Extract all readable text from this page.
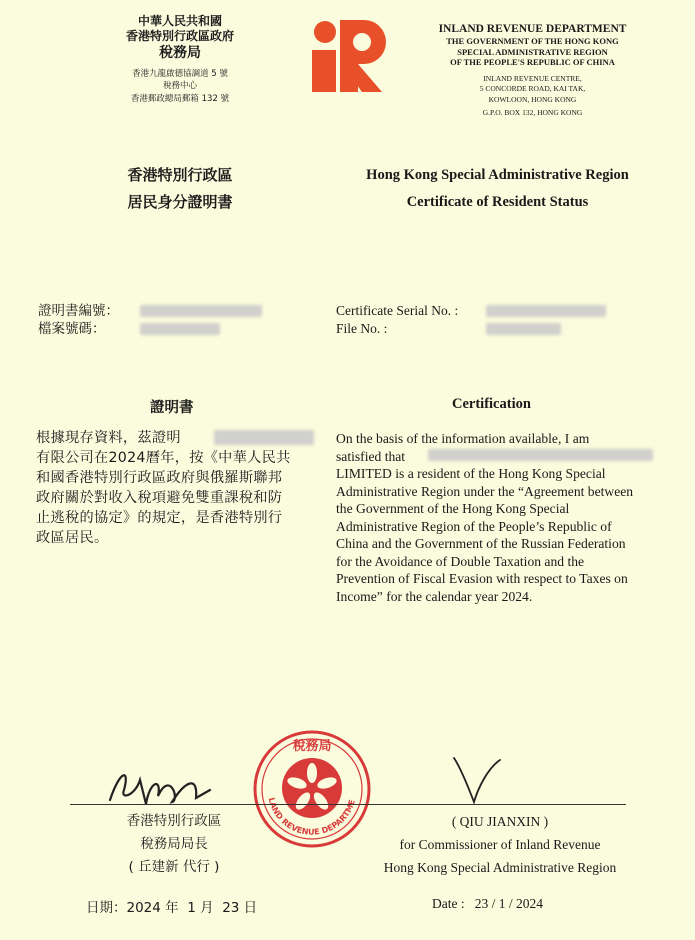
中華人民共和國
香港特別行政區政府
稅務局
香港九龍啟德協調道 5 號
稅務中心
香港郵政總局郵箱 132 號
INLAND REVENUE DEPARTMENT
THE GOVERNMENT OF THE HONG KONG
SPECIAL ADMINISTRATIVE REGION
OF THE PEOPLE'S REPUBLIC OF CHINA
INLAND REVENUE CENTRE,
5 CONCORDE ROAD, KAI TAK,
KOWLOON, HONG KONG
G.P.O. BOX 132, HONG KONG
香港特別行政區
居民身分證明書
Hong Kong Special Administrative Region
Certificate of Resident Status
證明書編號：
檔案號碼：
Certificate Serial No. :
File No. :
證明書	Certification
根據現存資料，茲證明
有限公司在2024曆年，按《中華人民共
和國香港特別行政區政府與俄羅斯聯邦
政府關於對收入稅項避免雙重課稅和防
止逃稅的協定》的規定，是香港特別行
政區居民。
On the basis of the information available, I am
satisfied that
LIMITED is a resident of the Hong Kong Special
Administrative Region under the “Agreement between
the Government of the Hong Kong Special
Administrative Region of the People’s Republic of
China and the Government of the Russian Federation
for the Avoidance of Double Taxation and the
Prevention of Fiscal Evasion with respect to Taxes on
Income” for the calendar year 2024.
稅務局
LAND REVENUE DEPARTME
香港特別行政區
稅務局局長
( 丘建新 代行 )
( QIU JIANXIN )
for Commissioner of Inland Revenue
Hong Kong Special Administrative Region
日期：2024 年  1 月  23 日	Date :   23 / 1 / 2024
